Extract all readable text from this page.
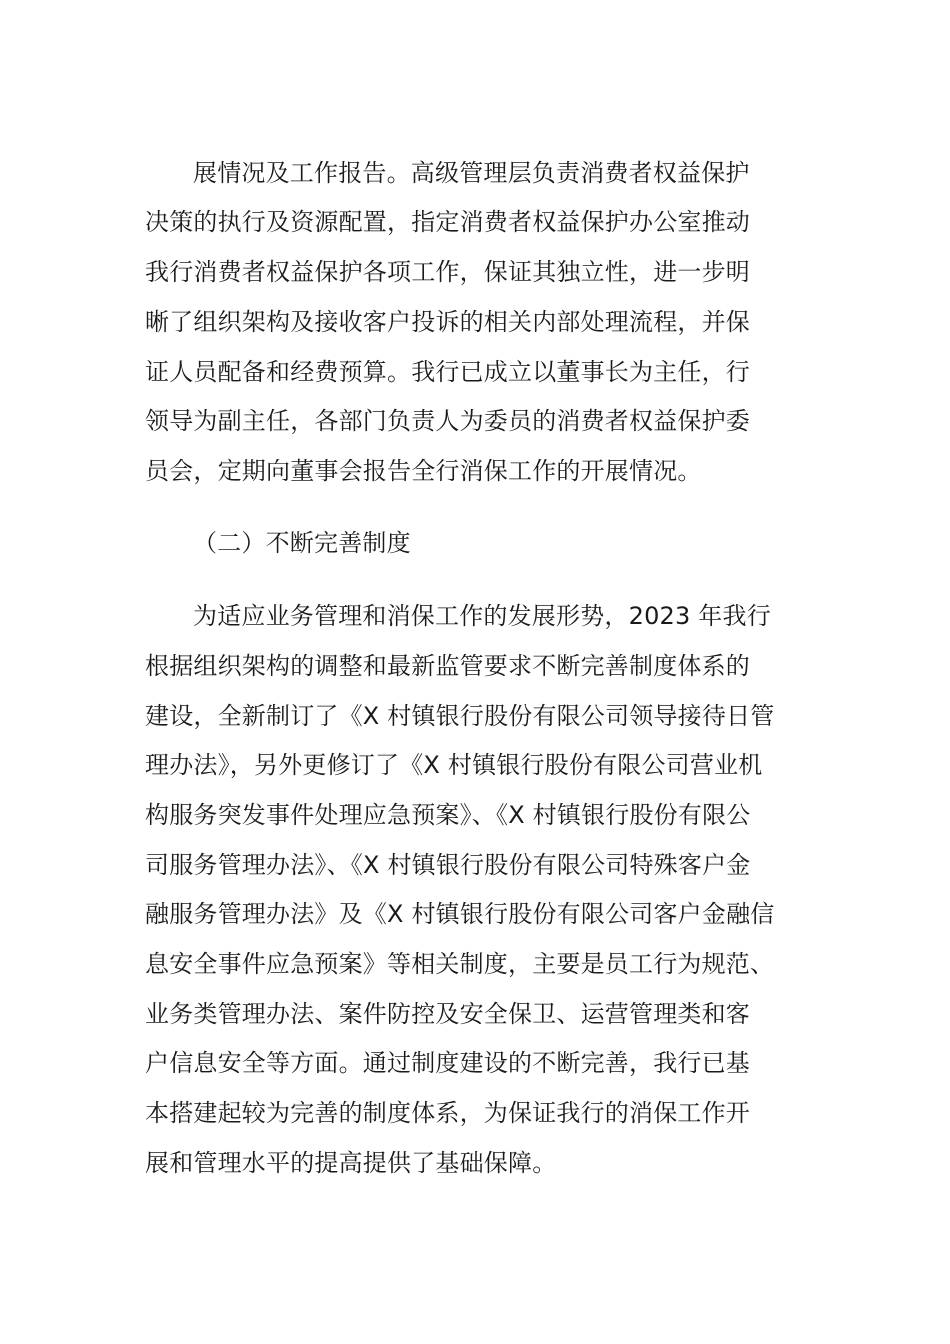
展情况及工作报告。高级管理层负责消费者权益保护
决策的执行及资源配置，指定消费者权益保护办公室推动
我行消费者权益保护各项工作，保证其独立性，进一步明
晰了组织架构及接收客户投诉的相关内部处理流程，并保
证人员配备和经费预算。我行已成立以董事长为主任，行
领导为副主任，各部门负责人为委员的消费者权益保护委
员会，定期向董事会报告全行消保工作的开展情况。
（二）不断完善制度
为适应业务管理和消保工作的发展形势，2023 年我行
根据组织架构的调整和最新监管要求不断完善制度体系的
建设，全新制订了《X 村镇银行股份有限公司领导接待日管
理办法》，另外更修订了《X 村镇银行股份有限公司营业机
构服务突发事件处理应急预案》、《X 村镇银行股份有限公
司服务管理办法》、《X 村镇银行股份有限公司特殊客户金
融服务管理办法》及《X 村镇银行股份有限公司客户金融信
息安全事件应急预案》等相关制度，主要是员工行为规范、
业务类管理办法、案件防控及安全保卫、运营管理类和客
户信息安全等方面。通过制度建设的不断完善，我行已基
本搭建起较为完善的制度体系，为保证我行的消保工作开
展和管理水平的提高提供了基础保障。
